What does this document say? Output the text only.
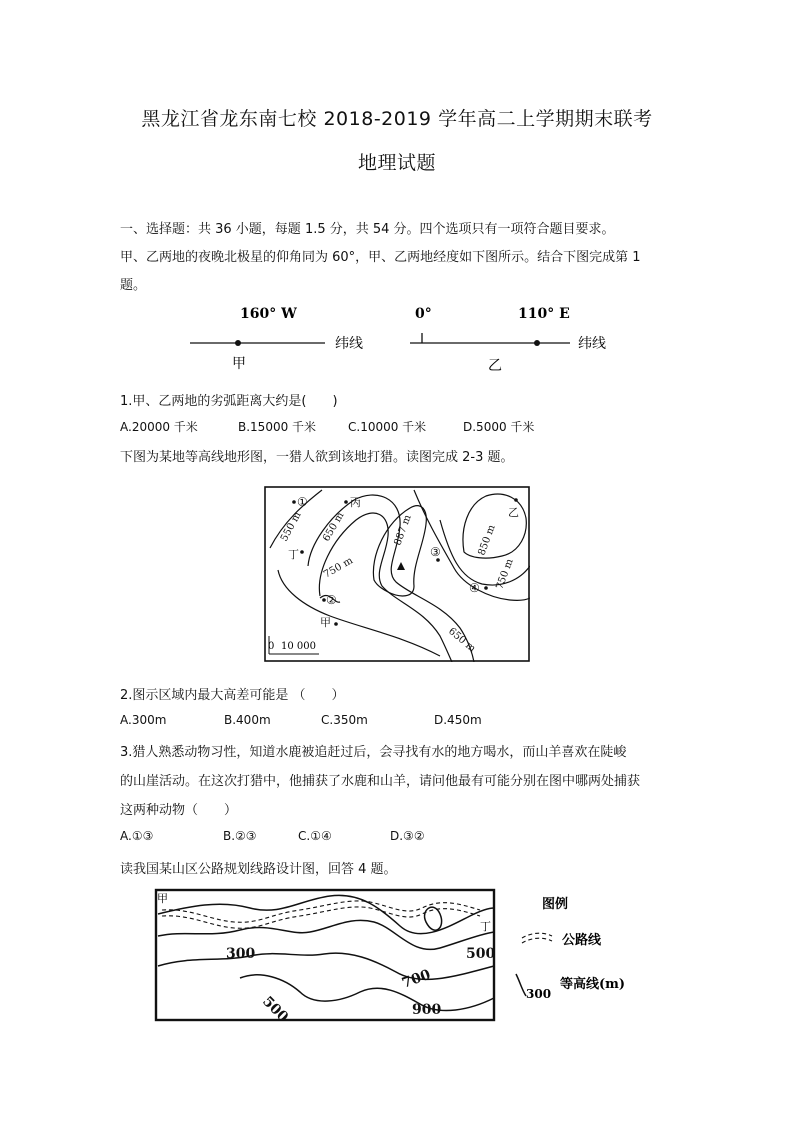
黑龙江省龙东南七校 2018-2019 学年高二上学期期末联考
地理试题
一、选择题：共 36 小题，每题 1.5 分，共 54 分。四个选项只有一项符合题目要求。
甲、乙两地的夜晚北极星的仰角同为 60°，甲、乙两地经度如下图所示。结合下图完成第 1
题。
160° W
纬线
甲
0°	110° E
纬线
乙
1.甲、乙两地的劣弧距离大约是(　　)
A.20000 千米	B.15000 千米	C.10000 千米	D.5000 千米
下图为某地等高线地形图，一猎人欲到该地打猎。读图完成 2-3 题。
550 m 650 m	887 m
750 m
850 m
750 m
650 m
①
②
③
④
丙
丁
乙
甲
0 10 000
2.图示区域内最大高差可能是 （　　）
A.300m	B.400m	C.350m	D.450m
3.猎人熟悉动物习性，知道水鹿被追赶过后，会寻找有水的地方喝水，而山羊喜欢在陡峻
的山崖活动。在这次打猎中，他捕获了水鹿和山羊，请问他最有可能分别在图中哪两处捕获
这两种动物（　　）
A.①③	B.②③	C.①④	D.③②
读我国某山区公路规划线路设计图，回答 4 题。
甲
丁
300	500
700
500	900
图例
公路线
300
等高线(m)
